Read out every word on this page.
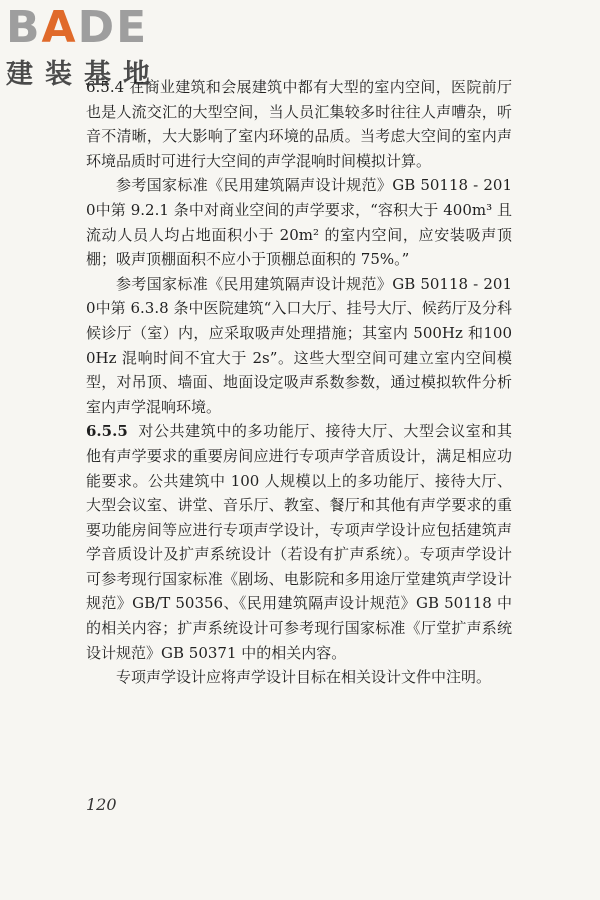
BADE
建装基地

6.5.4 在商业建筑和会展建筑中都有大型的室内空间，医院前厅也是人流交汇的大型空间，当人员汇集较多时往往人声嘈杂，听音不清晰，大大影响了室内环境的品质。当考虑大空间的室内声环境品质时可进行大空间的声学混响时间模拟计算。

参考国家标准《民用建筑隔声设计规范》GB 50118 - 2010中第 9.2.1 条中对商业空间的声学要求，“容积大于 400m³ 且流动人员人均占地面积小于 20m² 的室内空间，应安装吸声顶棚；吸声顶棚面积不应小于顶棚总面积的 75%。”

参考国家标准《民用建筑隔声设计规范》GB 50118 - 2010中第 6.3.8 条中医院建筑“入口大厅、挂号大厅、候药厅及分科候诊厅（室）内，应采取吸声处理措施；其室内 500Hz 和1000Hz 混响时间不宜大于 2s”。这些大型空间可建立室内空间模型，对吊顶、墙面、地面设定吸声系数参数，通过模拟软件分析室内声学混响环境。

6.5.5 对公共建筑中的多功能厅、接待大厅、大型会议室和其他有声学要求的重要房间应进行专项声学音质设计，满足相应功能要求。公共建筑中 100 人规模以上的多功能厅、接待大厅、大型会议室、讲堂、音乐厅、教室、餐厅和其他有声学要求的重要功能房间等应进行专项声学设计，专项声学设计应包括建筑声学音质设计及扩声系统设计（若设有扩声系统）。专项声学设计可参考现行国家标准《剧场、电影院和多用途厅堂建筑声学设计规范》GB/T 50356、《民用建筑隔声设计规范》GB 50118 中的相关内容；扩声系统设计可参考现行国家标准《厅堂扩声系统设计规范》GB 50371 中的相关内容。

专项声学设计应将声学设计目标在相关设计文件中注明。

120
